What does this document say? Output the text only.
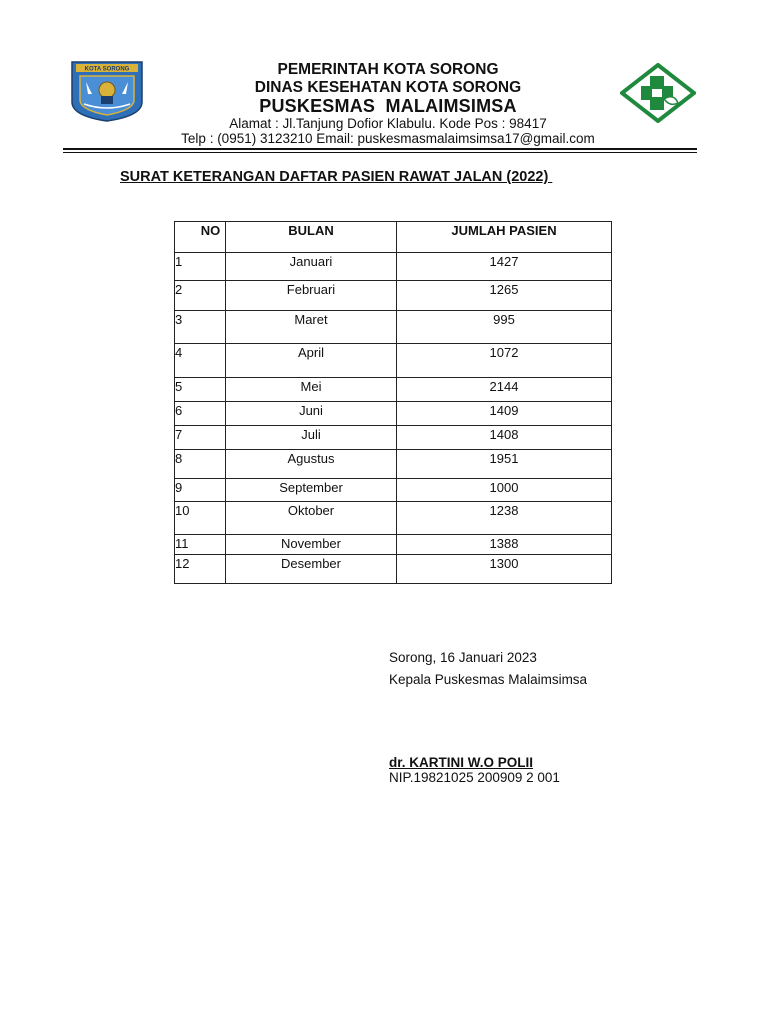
KOTA SORONG	PEMERINTAH KOTA SORONG
DINAS KESEHATAN KOTA SORONG
PUSKESMAS  MALAIMSIMSA
Alamat : Jl.Tanjung Dofior Klabulu. Kode Pos : 98417
Telp : (0951) 3123210 Email: puskesmasmalaimsimsa17@gmail.com
SURAT KETERANGAN DAFTAR PASIEN RAWAT JALAN (2022)
NO	BULAN	JUMLAH PASIEN
1	Januari	1427
2	Februari	1265
3	Maret	995
4	April	1072
5	Mei	2144
6	Juni	1409
7	Juli	1408
8	Agustus	1951
9	September	1000
10	Oktober	1238
11	November	1388
12	Desember	1300
Sorong, 16 Januari 2023
Kepala Puskesmas Malaimsimsa
dr. KARTINI W.O POLII
NIP.19821025 200909 2 001
